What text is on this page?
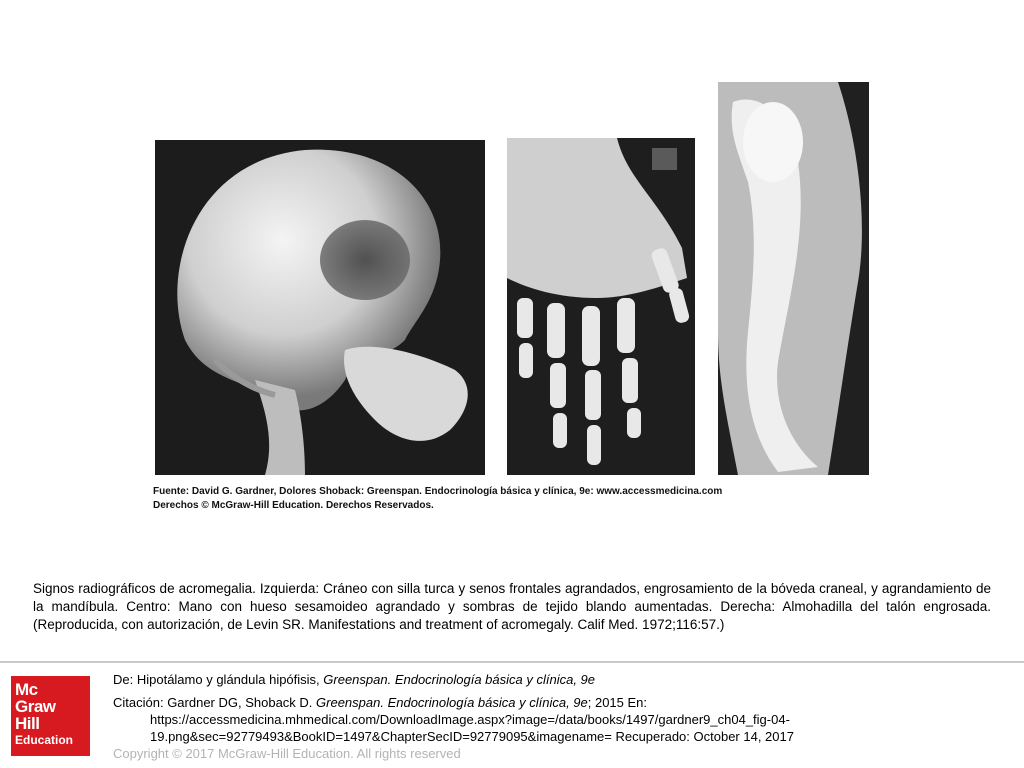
Fuente: David G. Gardner, Dolores Shoback: Greenspan. Endocrinología básica y clínica, 9e: www.accessmedicina.com
Derechos © McGraw-Hill Education. Derechos Reservados.
Signos radiográficos de acromegalia. Izquierda: Cráneo con silla turca y senos frontales agrandados, engrosamiento de la bóveda craneal, y agrandamiento de la mandíbula. Centro: Mano con hueso sesamoideo agrandado y sombras de tejido blando aumentadas. Derecha: Almohadilla del talón engrosada. (Reproducida, con autorización, de Levin SR. Manifestations and treatment of acromegaly. Calif Med. 1972;116:57.)
Mc
Graw
Hill
Education
De: Hipotálamo y glándula hipófisis, Greenspan. Endocrinología básica y clínica, 9e
Citación: Gardner DG, Shoback D. Greenspan. Endocrinología básica y clínica, 9e; 2015 En:
https://accessmedicina.mhmedical.com/DownloadImage.aspx?image=/data/books/1497/gardner9_ch04_fig-04-
19.png&sec=92779493&BookID=1497&ChapterSecID=92779095&imagename= Recuperado: October 14, 2017
Copyright © 2017 McGraw-Hill Education. All rights reserved
